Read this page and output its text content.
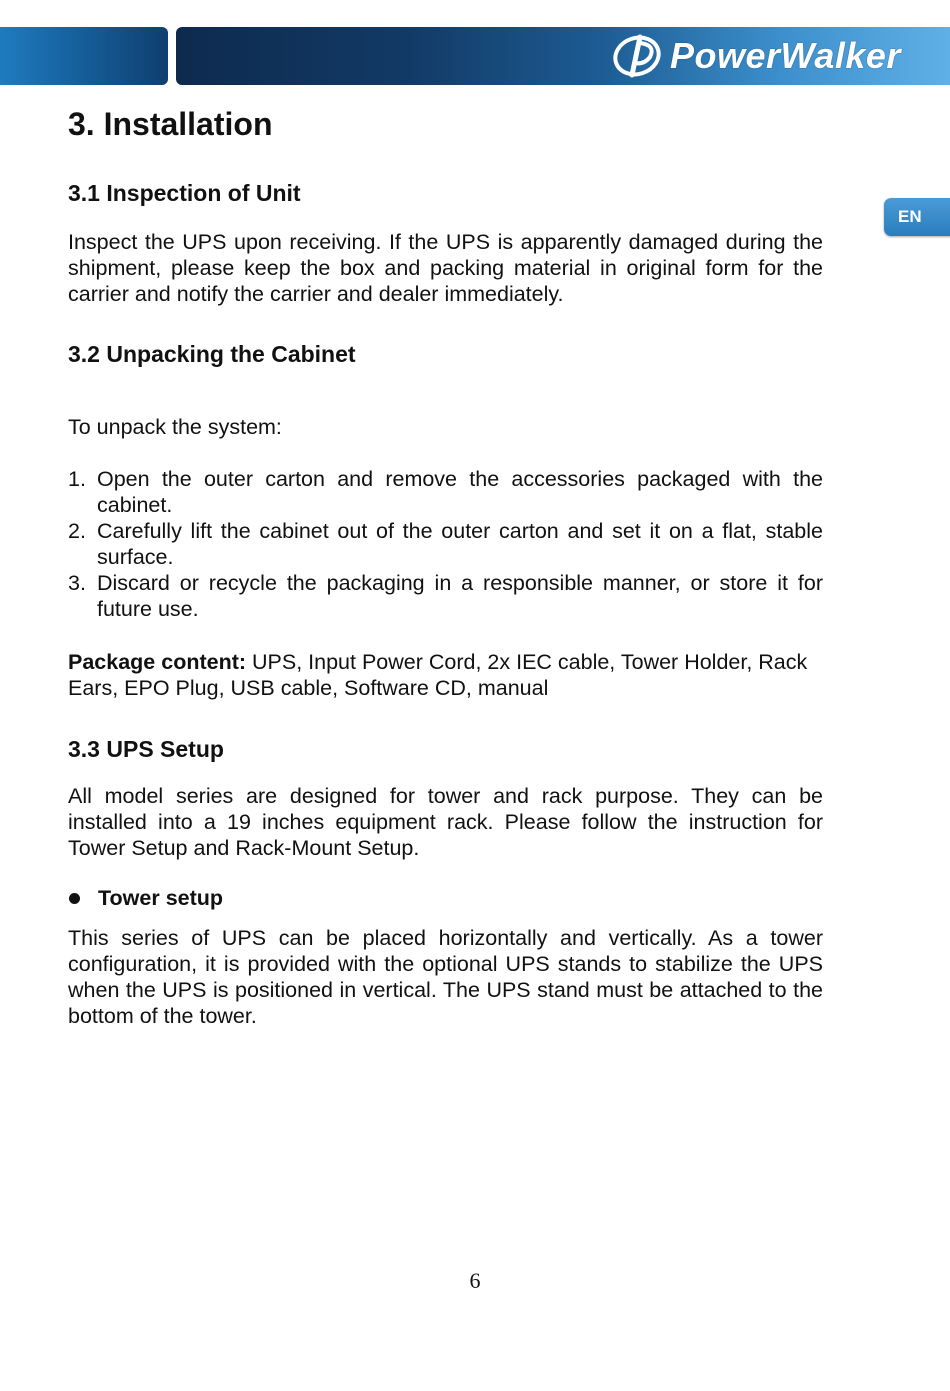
PowerWalker
EN
3. Installation
3.1 Inspection of Unit

Inspect the UPS upon receiving. If the UPS is apparently damaged during the shipment, please keep the box and packing material in original form for the carrier and notify the carrier and dealer immediately.

3.2 Unpacking the Cabinet

To unpack the system:

1. Open the outer carton and remove the accessories packaged with the cabinet.
2. Carefully lift the cabinet out of the outer carton and set it on a flat, stable surface.
3. Discard or recycle the packaging in a responsible manner, or store it for future use.

Package content: UPS, Input Power Cord, 2x IEC cable, Tower Holder, Rack Ears, EPO Plug, USB cable, Software CD, manual

3.3 UPS Setup

All model series are designed for tower and rack purpose. They can be installed into a 19 inches equipment rack. Please follow the instruction for Tower Setup and Rack-Mount Setup.

Tower setup

This series of UPS can be placed horizontally and vertically. As a tower configuration, it is provided with the optional UPS stands to stabilize the UPS when the UPS is positioned in vertical. The UPS stand must be attached to the bottom of the tower.

6
